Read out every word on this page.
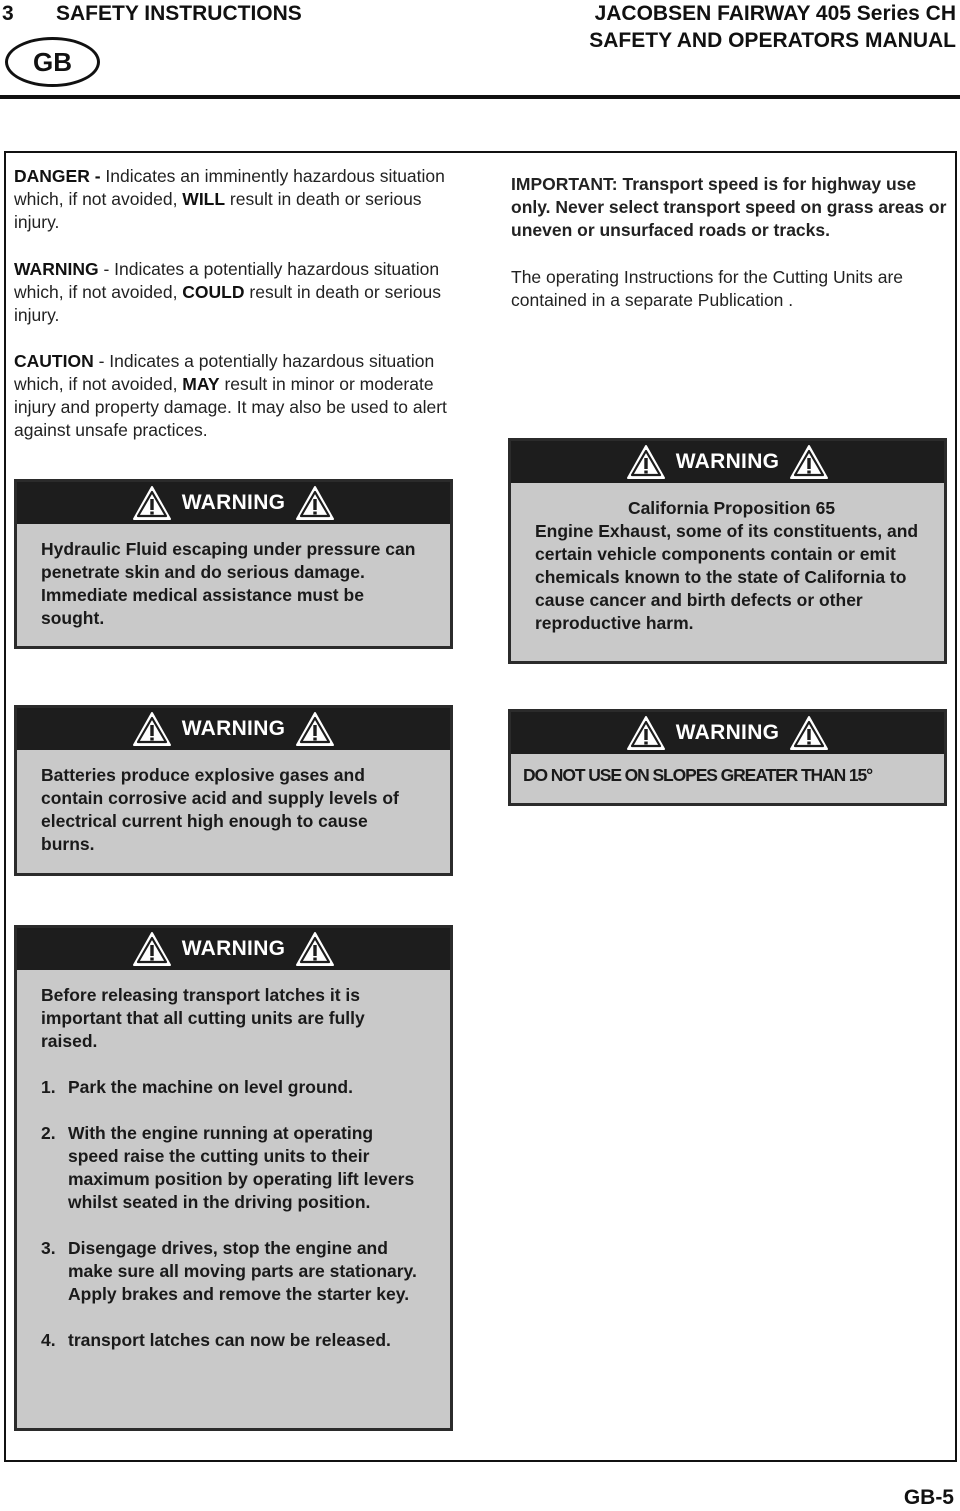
3 SAFETY INSTRUCTIONS	JACOBSEN FAIRWAY 405 Series CH
SAFETY AND OPERATORS MANUAL
GB
DANGER - Indicates an imminently hazardous situation which, if not avoided, WILL result in death or serious injury.
WARNING - Indicates a potentially hazardous situation which, if not avoided, COULD result in death or serious injury.
CAUTION - Indicates a potentially hazardous situation which, if not avoided, MAY result in minor or moderate injury and property damage. It may also be used to alert against unsafe practices.
IMPORTANT: Transport speed is for highway use only. Never select transport speed on grass areas or uneven or unsurfaced roads or tracks.
The operating Instructions for the Cutting Units are contained in a separate Publication .
WARNING
Hydraulic Fluid escaping under pressure can penetrate skin and do serious damage. Immediate medical assistance must be sought.
WARNING
California Proposition 65
Engine Exhaust, some of its constituents, and certain vehicle components contain or emit chemicals known to the state of California to cause cancer and birth defects or other reproductive harm.
WARNING
Batteries produce explosive gases and contain corrosive acid and supply levels of electrical current high enough to cause burns.
WARNING
DO NOT USE ON SLOPES GREATER THAN 15°
WARNING
Before releasing transport latches it is important that all cutting units are fully raised.
1. Park the machine on level ground.
2. With the engine running at operating speed raise the cutting units to their maximum position by operating lift levers whilst seated in the driving position.
3. Disengage drives, stop the engine and make sure all moving parts are stationary. Apply brakes and remove the starter key.
4. transport latches can now be released.
GB-5
